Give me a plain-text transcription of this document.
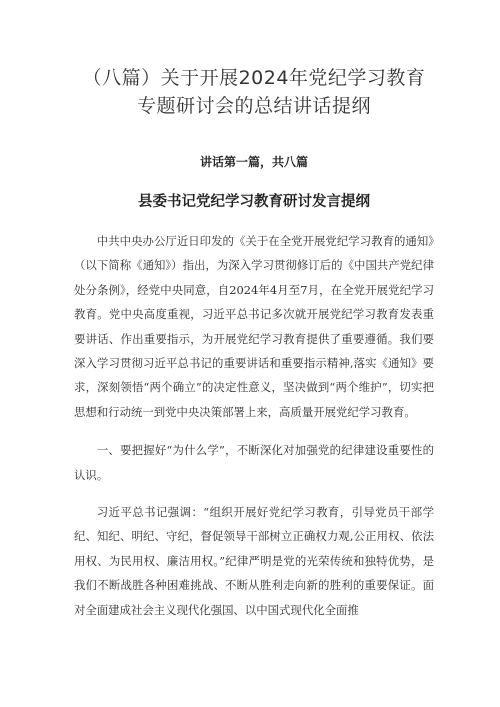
（八篇）关于开展2024年党纪学习教育专题研讨会的总结讲话提纲
讲话第一篇，共八篇
县委书记党纪学习教育研讨发言提纲

中共中央办公厅近日印发的《关于在全党开展党纪学习教育的通知》（以下简称《通知》）指出，为深入学习贯彻修订后的《中国共产党纪律处分条例》，经党中央同意，自2024年4月至7月，在全党开展党纪学习教育。党中央高度重视，习近平总书记多次就开展党纪学习教育发表重要讲话、作出重要指示，为开展党纪学习教育提供了重要遵循。我们要深入学习贯彻习近平总书记的重要讲话和重要指示精神,落实《通知》要求，深刻领悟“两个确立”的决定性意义，坚决做到“两个维护”，切实把思想和行动统一到党中央决策部署上来，高质量开展党纪学习教育。

一、要把握好“为什么学”，不断深化对加强党的纪律建设重要性的认识。

习近平总书记强调：“组织开展好党纪学习教育，引导党员干部学纪、知纪、明纪、守纪，督促领导干部树立正确权力观,公正用权、依法用权、为民用权、廉洁用权。”纪律严明是党的光荣传统和独特优势，是我们不断战胜各种困难挑战、不断从胜利走向新的胜利的重要保证。面对全面建成社会主义现代化强国、以中国式现代化全面推
